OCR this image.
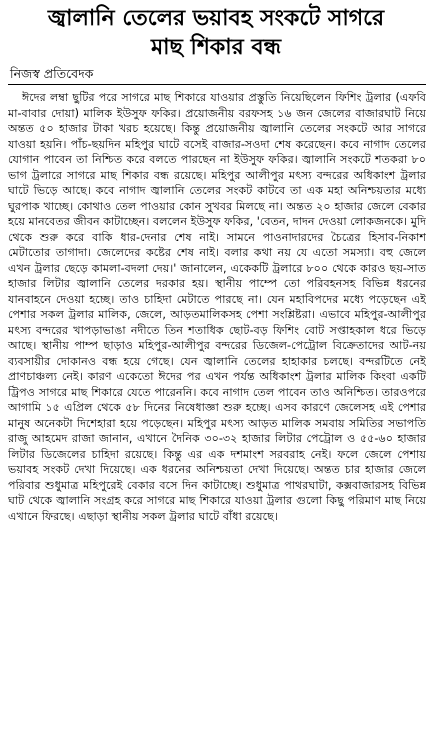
জ্বালানি তেলের ভয়াবহ সংকটে সাগরে
মাছ শিকার বন্ধ

নিজস্ব প্রতিবেদক

ঈদের লম্বা ছুটির পরে সাগরে মাছ শিকারে যাওয়ার প্রস্তুতি নিয়েছিলেন ফিশিং ট্রলার (এফবি মা-বাবার দোয়া) মালিক ইউসুফ ফকির। প্রয়োজনীয় বরফসহ ১৬ জন জেলের বাজারঘাট নিয়ে অন্তত ৫০ হাজার টাকা খরচ হয়েছে। কিন্তু প্রয়োজনীয় জ্বালানি তেলের সংকটে আর সাগরে যাওয়া হয়নি। পাঁচ-ছয়দিন মহিপুর ঘাটে বসেই বাজার-সওদা শেষ করেছেন। কবে নাগাদ তেলের যোগান পাবেন তা নিশ্চিত করে বলতে পারছেন না ইউসুফ ফকির। জ্বালানি সংকটে শতকরা ৮০ ভাগ ট্রলারে সাগরে মাছ শিকার বন্ধ রয়েছে। মহিপুর আলীপুর মৎস্য বন্দরের অধিকাংশ ট্রলার ঘাটে ভিড়ে আছে। কবে নাগাদ জ্বালানি তেলের সংকট কাটবে তা এক মহা অনিশ্চয়তার মধ্যে ঘুরপাক খাচ্ছে। কোথাও তেল পাওয়ার কোন সুখবর মিলছে না। অন্তত ২০ হাজার জেলে বেকার হয়ে মানবেতর জীবন কাটাচ্ছেন। বললেন ইউসুফ ফকির, 'বেতন, দাদন দেওয়া লোকজনকে। মুদি থেকে শুরু করে বাকি ধার-দেনার শেষ নাই। সামনে পাওনাদারদের চৈত্রের হিসাব-নিকাশ মেটাতোর তাগাদা। জেলেদের কষ্টের শেষ নাই। বলার কথা নয় যে এতো সমস্যা। বহু জেলে এখন ট্রলার ছেড়ে কামলা-বদলা দেয়।' জানালেন, একেকটি ট্রলারে ৮০০ থেকে কারও ছয়-সাত হাজার লিটার জ্বালানি তেলের দরকার হয়। স্থানীয় পাম্পে তো পরিবহনসহ বিভিন্ন ধরনের যানবাহনে দেওয়া হচ্ছে। তাও চাহিদা মেটাতে পারছে না। যেন মহাবিপদের মধ্যে পড়েছেন এই পেশার সকল ট্রলার মালিক, জেলে, আড়তমালিকসহ পেশা সংশ্লিষ্টরা। এভাবে মহিপুর-আলীপুর মৎস্য বন্দরের খাপড়াভাঙা নদীতে তিন শতাধিক ছোট-বড় ফিশিং বোট সপ্তাহকাল ধরে ভিড়ে আছে। স্থানীয় পাম্প ছাড়াও মহিপুর-আলীপুর বন্দরের ডিজেল-পেট্রোল বিক্রেতাদের আট-নয় ব্যবসায়ীর দোকানও বন্ধ হয়ে গেছে। যেন জ্বালানি তেলের হাহাকার চলছে। বন্দরটিতে নেই প্রাণচাঞ্চল্য নেই। কারণ একেতো ঈদের পর এখন পর্যন্ত অধিকাংশ ট্রলার মালিক কিংবা একটি ট্রিপও সাগরে মাছ শিকারে যেতে পারেননি। কবে নাগাদ তেল পাবেন তাও অনিশ্চিত। তারওপরে আগামি ১৫ এপ্রিল থেকে ৫৮ দিনের নিষেধাজ্ঞা শুরু হচ্ছে। এসব কারণে জেলেসহ এই পেশার মানুষ অনেকটা দিশেহারা হয়ে পড়েছেন। মহিপুর মৎস্য আড়ত মালিক সমবায় সমিতির সভাপতি রাজু আহমেদ রাজা জানান, এখানে দৈনিক ৩০-৩২ হাজার লিটার পেট্রোল ও ৫৫-৬০ হাজার লিটার ডিজেলের চাহিদা রয়েছে। কিন্তু এর এক দশমাংশ সরবরাহ নেই। ফলে জেলে পেশায় ভয়াবহ সংকট দেখা দিয়েছে। এক ধরনের অনিশ্চয়তা দেখা দিয়েছে। অন্তত চার হাজার জেলে পরিবার শুধুমাত্র মহিপুরেই বেকার বসে দিন কাটাচ্ছে। শুধুমাত্র পাথরঘাটা, কক্সবাজারসহ বিভিন্ন ঘাট থেকে জ্বালানি সংগ্রহ করে সাগরে মাছ শিকারে যাওয়া ট্রলার গুলো কিছু পরিমাণ মাছ নিয়ে এখানে ফিরছে। এছাড়া স্থানীয় সকল ট্রলার ঘাটে বাঁধা রয়েছে।
